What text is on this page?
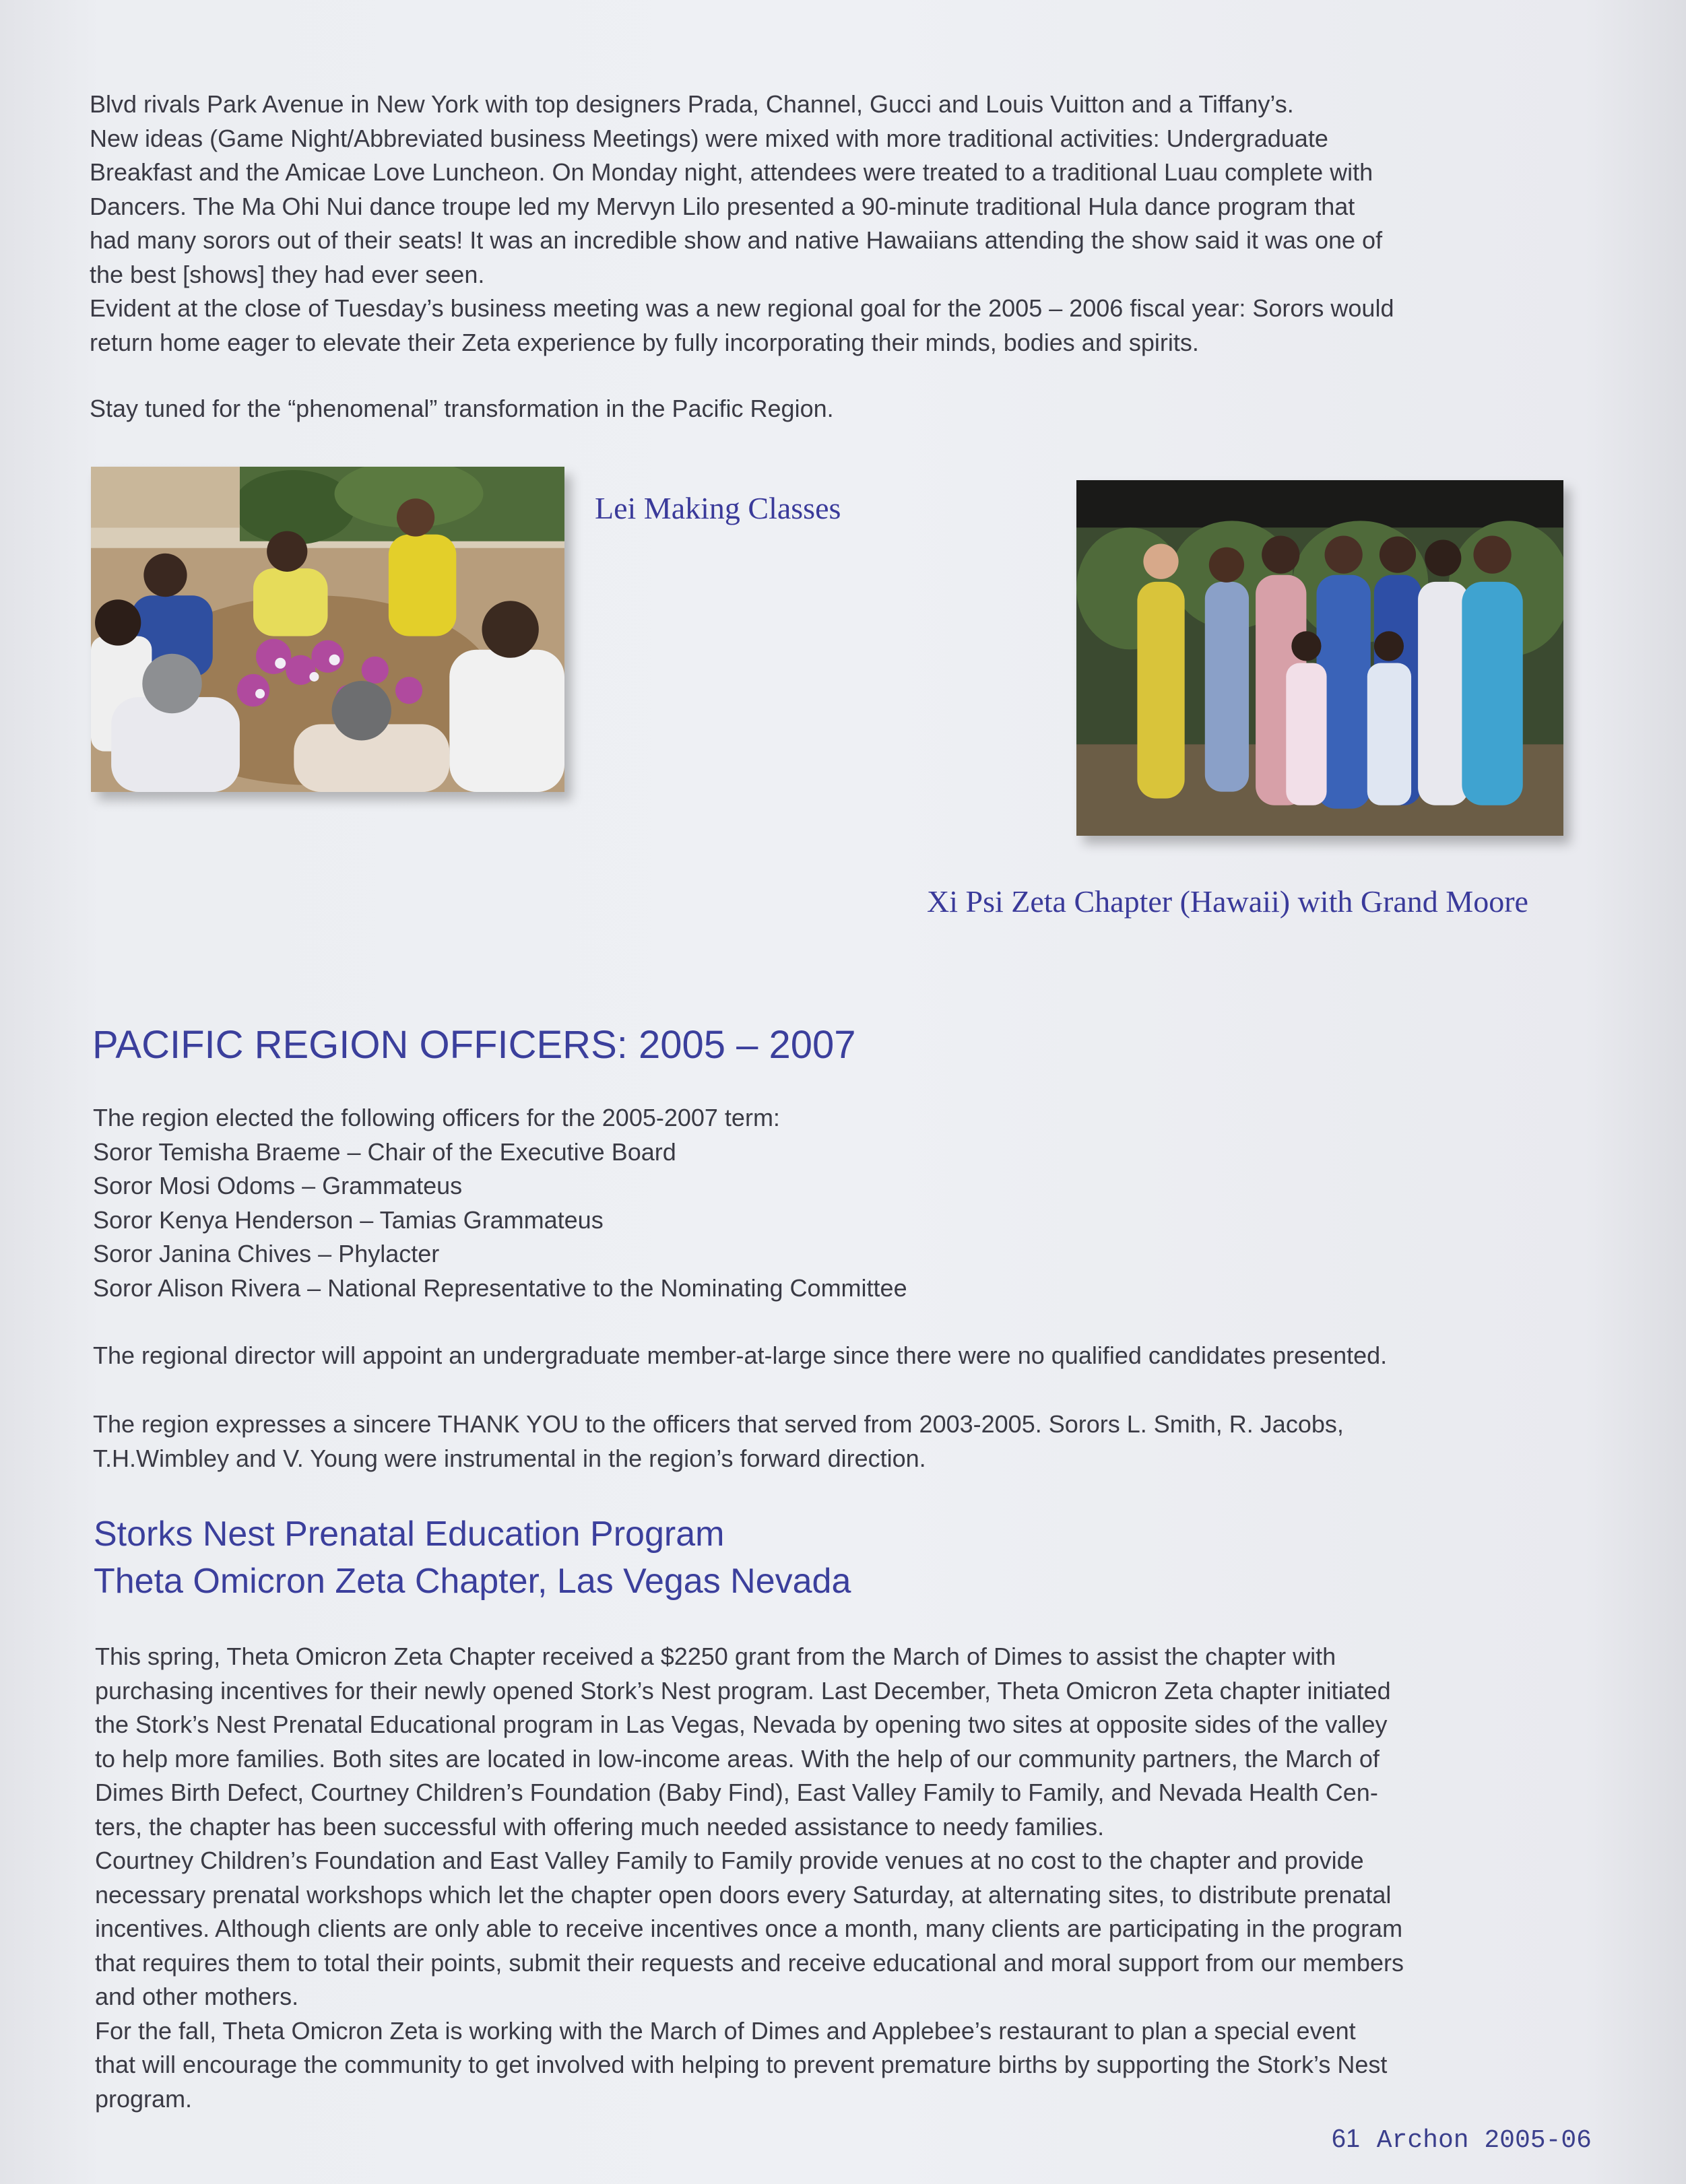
Blvd rivals Park Avenue in New York with top designers Prada, Channel, Gucci and Louis Vuitton and a Tiffany’s.
New ideas (Game Night/Abbreviated business Meetings) were mixed with more traditional activities: Undergraduate
Breakfast and the Amicae Love Luncheon. On Monday night, attendees were treated to a traditional Luau complete with
Dancers. The Ma Ohi Nui dance troupe led my Mervyn Lilo presented a 90-minute traditional Hula dance program that
had many sorors out of their seats! It was an incredible show and native Hawaiians attending the show said it was one of
the best [shows] they had ever seen.
Evident at the close of Tuesday’s business meeting was a new regional goal for the 2005 – 2006 fiscal year: Sorors would
return home eager to elevate their Zeta experience by fully incorporating their minds, bodies and spirits.

Stay tuned for the “phenomenal” transformation in the Pacific Region.

Lei Making Classes
Xi Psi Zeta Chapter (Hawaii) with Grand Moore
PACIFIC REGION OFFICERS: 2005 – 2007
The region elected the following officers for the 2005-2007 term:
Soror Temisha Braeme – Chair of the Executive Board
Soror Mosi Odoms – Grammateus
Soror Kenya Henderson – Tamias Grammateus
Soror Janina Chives – Phylacter
Soror Alison Rivera – National Representative to the Nominating Committee

The regional director will appoint an undergraduate member-at-large since there were no qualified candidates presented.

The region expresses a sincere THANK YOU to the officers that served from 2003-2005. Sorors L. Smith, R. Jacobs,
T.H.Wimbley and V. Young were instrumental in the region’s forward direction.
Storks Nest Prenatal Education Program
Theta Omicron Zeta Chapter, Las Vegas Nevada
This spring, Theta Omicron Zeta Chapter received a $2250 grant from the March of Dimes to assist the chapter with
purchasing incentives for their newly opened Stork’s Nest program. Last December, Theta Omicron Zeta chapter initiated
the Stork’s Nest Prenatal Educational program in Las Vegas, Nevada by opening two sites at opposite sides of the valley
to help more families. Both sites are located in low-income areas. With the help of our community partners, the March of
Dimes Birth Defect, Courtney Children’s Foundation (Baby Find), East Valley Family to Family, and Nevada Health Cen-
ters, the chapter has been successful with offering much needed assistance to needy families.
Courtney Children’s Foundation and East Valley Family to Family provide venues at no cost to the chapter and provide
necessary prenatal workshops which let the chapter open doors every Saturday, at alternating sites, to distribute prenatal
incentives. Although clients are only able to receive incentives once a month, many clients are participating in the program
that requires them to total their points, submit their requests and receive educational and moral support from our members
and other mothers.
For the fall, Theta Omicron Zeta is working with the March of Dimes and Applebee’s restaurant to plan a special event
that will encourage the community to get involved with helping to prevent premature births by supporting the Stork’s Nest
program.
61 Archon 2005-06
